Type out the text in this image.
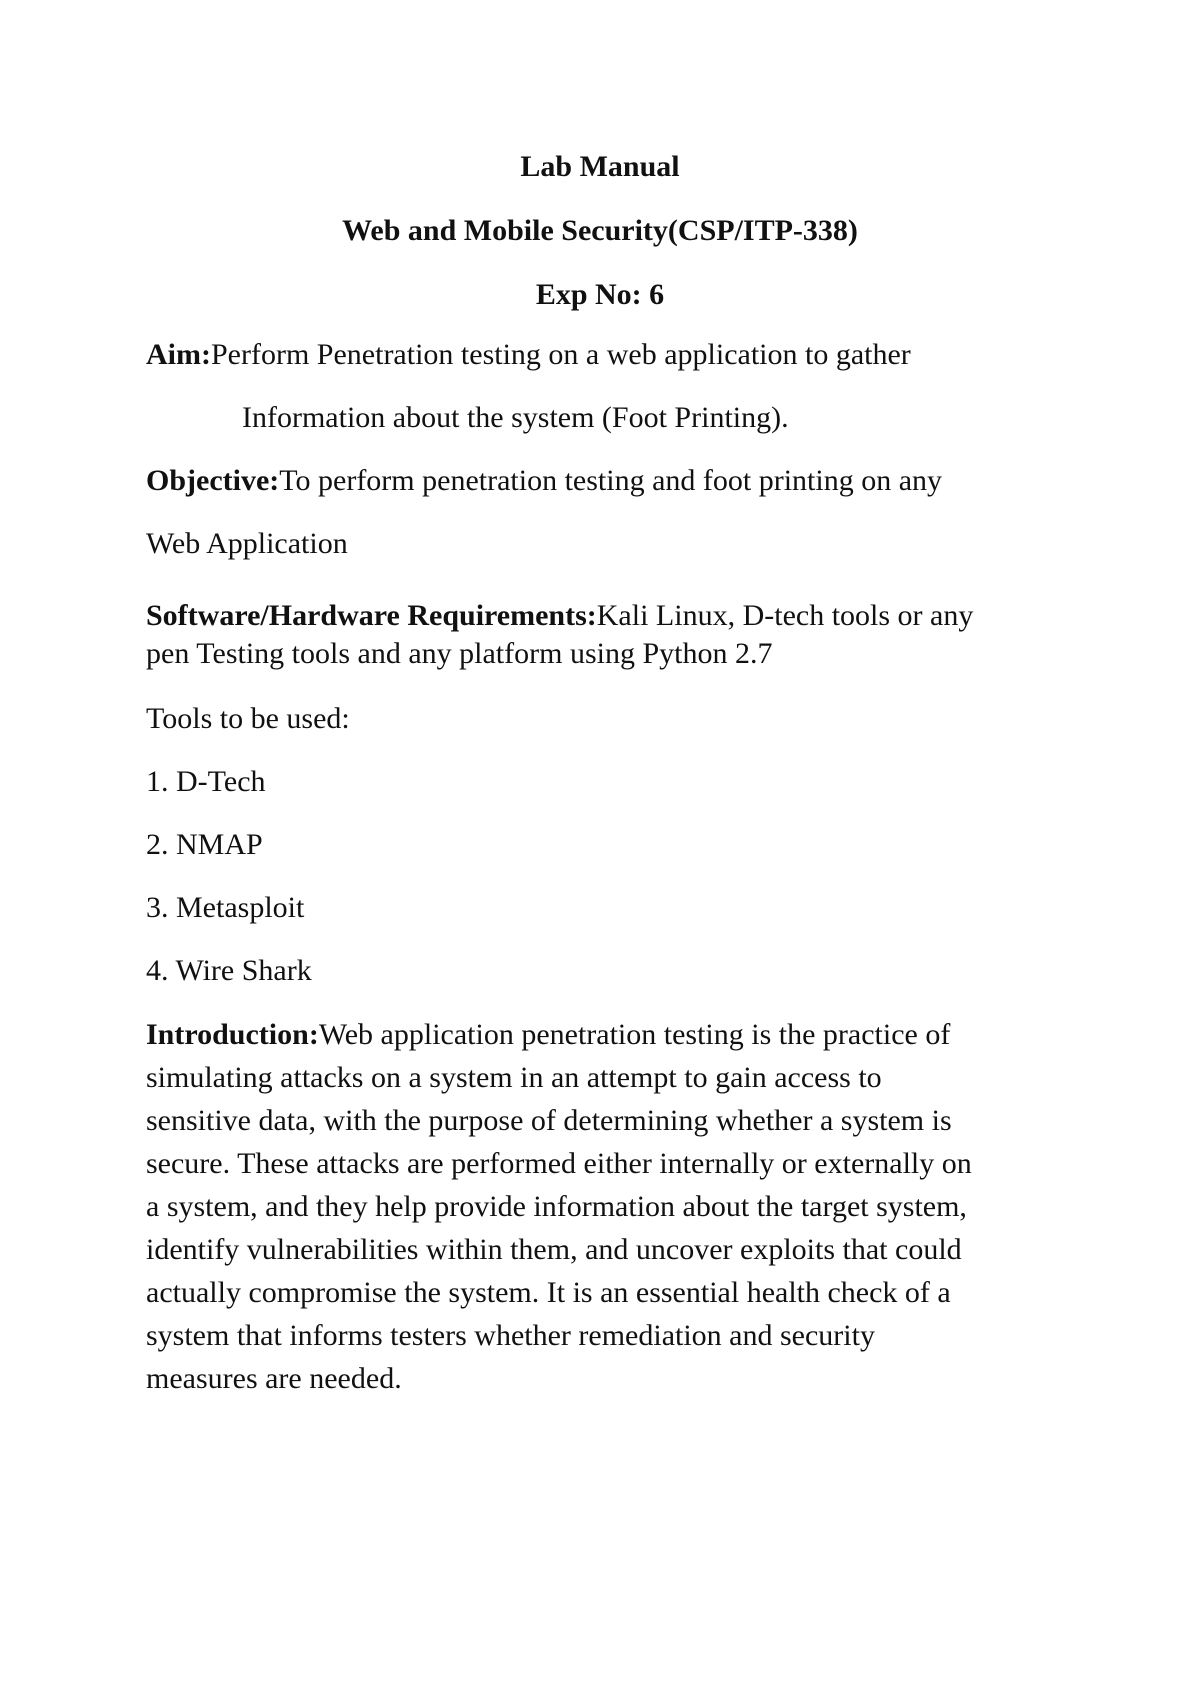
Lab Manual
Web and Mobile Security(CSP/ITP-338)
Exp No: 6
Aim:Perform Penetration testing on a web application to gather
Information about the system (Foot Printing).
Objective:To perform penetration testing and foot printing on any
Web Application
Software/Hardware Requirements:Kali Linux, D-tech tools or any
pen Testing tools and any platform using Python 2.7
Tools to be used:
1. D-Tech
2. NMAP
3. Metasploit
4. Wire Shark
Introduction:Web application penetration testing is the practice of
simulating attacks on a system in an attempt to gain access to
sensitive data, with the purpose of determining whether a system is
secure. These attacks are performed either internally or externally on
a system, and they help provide information about the target system,
identify vulnerabilities within them, and uncover exploits that could
actually compromise the system. It is an essential health check of a
system that informs testers whether remediation and security
measures are needed.
